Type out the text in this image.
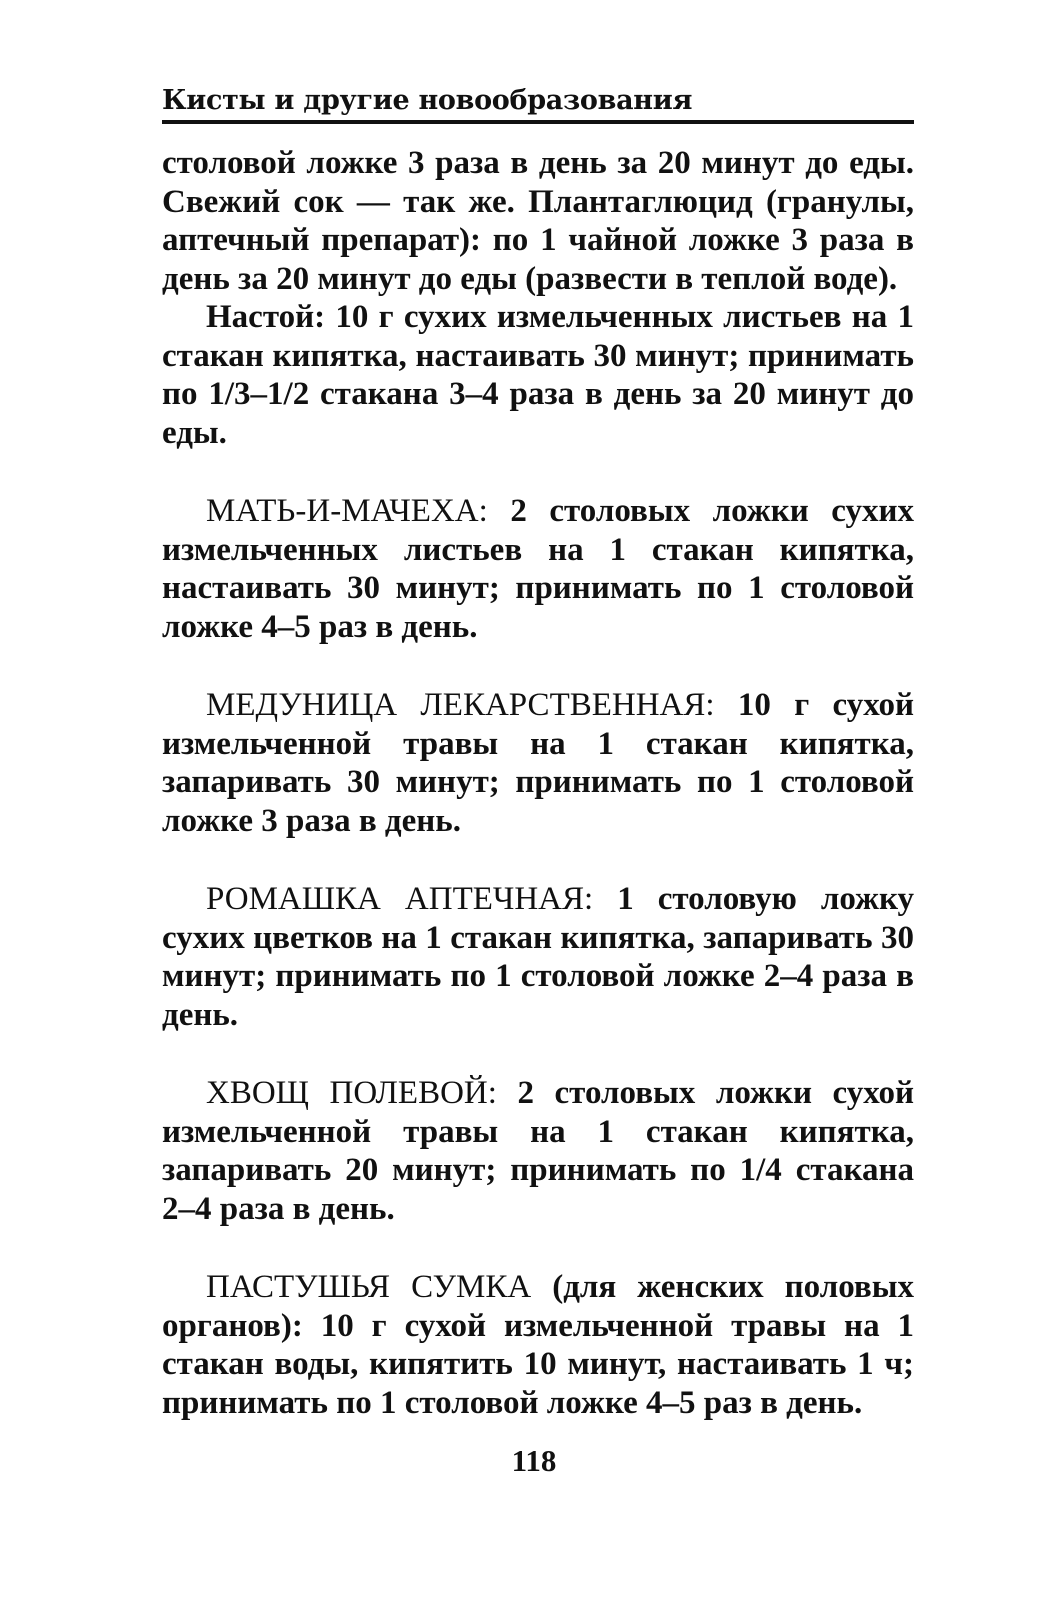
Кисты и другие новообразования

столовой ложке 3 раза в день за 20 минут до еды. Свежий сок — так же. Плантаглюцид (гранулы, аптечный препарат): по 1 чайной ложке 3 раза в день за 20 минут до еды (развести в теплой воде).

Настой: 10 г сухих измельченных листьев на 1 стакан кипятка, настаивать 30 минут; принимать по 1/3–1/2 стакана 3–4 раза в день за 20 минут до еды.

МАТЬ-И-МАЧЕХА: 2 столовых ложки сухих измельченных листьев на 1 стакан кипятка, настаивать 30 минут; принимать по 1 столовой ложке 4–5 раз в день.

МЕДУНИЦА ЛЕКАРСТВЕННАЯ: 10 г сухой измельченной травы на 1 стакан кипятка, запаривать 30 минут; принимать по 1 столовой ложке 3 раза в день.

РОМАШКА АПТЕЧНАЯ: 1 столовую ложку сухих цветков на 1 стакан кипятка, запаривать 30 минут; принимать по 1 столовой ложке 2–4 раза в день.

ХВОЩ ПОЛЕВОЙ: 2 столовых ложки сухой измельченной травы на 1 стакан кипятка, запаривать 20 минут; принимать по 1/4 стакана 2–4 раза в день.

ПАСТУШЬЯ СУМКА (для женских половых органов): 10 г сухой измельченной травы на 1 стакан воды, кипятить 10 минут, настаивать 1 ч; принимать по 1 столовой ложке 4–5 раз в день.

118
